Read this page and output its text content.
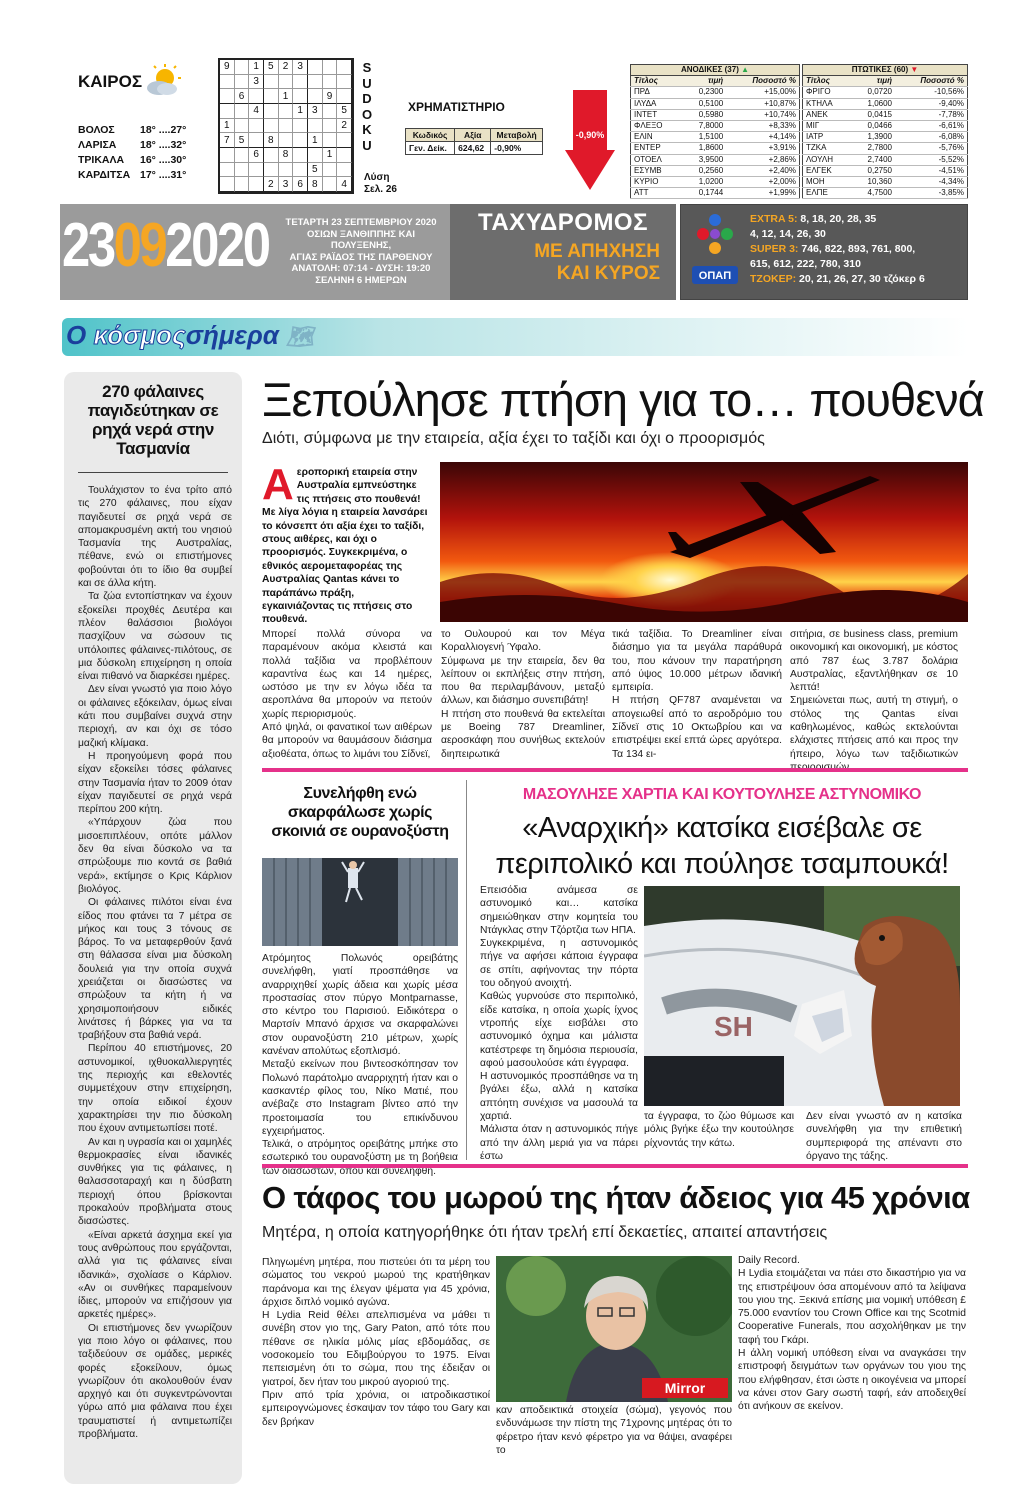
ΚΑΙΡΟΣ
ΒΟΛΟΣ	18° ....27°
ΛΑΡΙΣΑ	18° ....32°
ΤΡΙΚΑΛΑ	16° ....30°
ΚΑΡΔΙΤΣΑ 17° ....31°
9	1 5 2 3
3
6	1	9
4	1 3	5
1	2
7 5	8	1
6	8	1
5
2 3 6 8	4
S
U
D
O
K
U
Λύση
Σελ. 26
ΧΡΗΜΑΤΙΣΤΗΡΙΟ
Κωδικός	Αξία	Μεταβολή
Γεν. Δείκ.	624,62	-0,90%
-0,90%
ΑΝΟΔΙΚΕΣ (37) ▲		
Τίτλος	τιμή	Ποσοστό %
ΠΡΔ	0,2300	+15,00%
ΙΛΥΔΑ	0,5100	+10,87%
ΙΝΤΕΤ	0,5980	+10,74%
ΦΛΕΞΟ	7,8000	+8,33%
ΕΛΙΝ	1,5100	+4,14%
ΕΝΤΕΡ	1,8600	+3,91%
ΟΤΟΕΛ	3,9500	+2,86%
ΕΣΥΜΒ	0,2560	+2,40%
ΚΥΡΙΟ	1,0200	+2,00%
ΑΤΤ	0,1744	+1,99%
ΠΤΩΤΙΚΕΣ (60) ▼		
Τίτλος	τιμή	Ποσοστό %
ΦΡΙΓΟ	0,0720	-10,56%
ΚΤΗΛΑ	1,0600	-9,40%
ΑΝΕΚ	0,0415	-7,78%
ΜΙΓ	0,0466	-6,61%
ΙΑΤΡ	1,3900	-6,08%
ΤΖΚΑ	2,7800	-5,76%
ΛΟΥΛΗ	2,7400	-5,52%
ΕΛΓΕΚ	0,2750	-4,51%
ΜΟΗ	10,360	-4,34%
ΕΛΠΕ	4,7500	-3,85%
23092020	ΤΕΤΑΡΤΗ 23 ΣΕΠΤΕΜΒΡΙΟΥ 2020
ΟΣΙΩΝ ΞΑΝΘΙΠΠΗΣ ΚΑΙ ΠΟΛΥΞΕΝΗΣ,
ΑΓΙΑΣ ΡΑΪΔΟΣ ΤΗΣ ΠΑΡΘΕΝΟΥ
ΑΝΑΤΟΛΗ: 07:14 - ΔΥΣΗ: 19:20
ΣΕΛΗΝΗ 6 ΗΜΕΡΩΝ
ΤΑΧΥΔΡΟΜΟΣ
ΜΕ ΑΠΗΧΗΣΗ
ΚΑΙ ΚΥΡΟΣ	ΟΠΑΠ
EXTRA 5: 8, 18, 20, 28, 35
4, 12, 14, 26, 30
SUPER 3: 746, 822, 893, 761, 800,
615, 612, 222, 780, 310
ΤΖΟΚΕΡ: 20, 21, 26, 27, 30 τζόκερ 6
Ο κόσμοςσήμερα 🗺
270 φάλαινες παγιδεύτηκαν σε ρηχά νερά στην Τασμανία

Τουλάχιστον το ένα τρίτο από τις 270 φάλαινες, που είχαν παγιδευτεί σε ρηχά νερά σε απομακρυσμένη ακτή του νησιού Τασμανία της Αυστραλίας, πέθανε, ενώ οι επιστήμονες φοβούνται ότι το ίδιο θα συμβεί και σε άλλα κήτη.

Τα ζώα εντοπίστηκαν να έχουν εξοκείλει προχθές Δευτέρα και πλέον θαλάσσιοι βιολόγοι πασχίζουν να σώσουν τις υπόλοιπες φάλαινες-πιλότους, σε μια δύσκολη επιχείρηση η οποία είναι πιθανό να διαρκέσει ημέρες.

Δεν είναι γνωστό για ποιο λόγο οι φάλαινες εξόκειλαν, όμως είναι κάτι που συμβαίνει συχνά στην περιοχή, αν και όχι σε τόσο μαζική κλίμακα.

Η προηγούμενη φορά που είχαν εξοκείλει τόσες φάλαινες στην Τασμανία ήταν το 2009 όταν είχαν παγιδευτεί σε ρηχά νερά περίπου 200 κήτη.

«Υπάρχουν ζώα που μισοεπιπλέουν, οπότε μάλλον δεν θα είναι δύσκολο να τα σπρώξουμε πιο κοντά σε βαθιά νερά», εκτίμησε ο Κρις Κάρλιον βιολόγος.

Οι φάλαινες πιλότοι είναι ένα είδος που φτάνει τα 7 μέτρα σε μήκος και τους 3 τόνους σε βάρος. Το να μεταφερθούν ξανά στη θάλασσα είναι μια δύσκολη δουλειά για την οποία συχνά χρειάζεται οι διασώστες να σπρώξουν τα κήτη ή να χρησιμοποιήσουν ειδικές λινάτσες ή βάρκες για να τα τραβήξουν στα βαθιά νερά.

Περίπου 40 επιστήμονες, 20 αστυνομικοί, ιχθυοκαλλιεργητές της περιοχής και εθελοντές συμμετέχουν στην επιχείρηση, την οποία ειδικοί έχουν χαρακτηρίσει την πιο δύσκολη που έχουν αντιμετωπίσει ποτέ.

Αν και η υγρασία και οι χαμηλές θερμοκρασίες είναι ιδανικές συνθήκες για τις φάλαινες, η θαλασσοταραχή και η δύσβατη περιοχή όπου βρίσκονται προκαλούν προβλήματα στους διασώστες.

«Είναι αρκετά άσχημα εκεί για τους ανθρώπους που εργάζονται, αλλά για τις φάλαινες είναι ιδανικά», σχολίασε ο Κάρλιον. «Αν οι συνθήκες παραμείνουν ίδιες, μπορούν να επιζήσουν για αρκετές ημέρες».

Οι επιστήμονες δεν γνωρίζουν για ποιο λόγο οι φάλαινες, που ταξιδεύουν σε ομάδες, μερικές φορές εξοκείλουν, όμως γνωρίζουν ότι ακολουθούν έναν αρχηγό και ότι συγκεντρώνονται γύρω από μια φάλαινα που έχει τραυματιστεί ή αντιμετωπίζει προβλήματα.

Ξεπούλησε πτήση για το… πουθενά
Διότι, σύμφωνα με την εταιρεία, αξία έχει το ταξίδι και όχι ο προορισμός
Αεροπορική εταιρεία στην Αυστραλία εμπνεύστηκε τις πτήσεις στο πουθενά! Με λίγα λόγια η εταιρεία λανσάρει το κόνσεπτ ότι αξία έχει το ταξίδι, στους αιθέρες, και όχι ο προορισμός. Συγκεκριμένα, ο εθνικός αερομεταφορέας της Αυστραλίας Qantas κάνει το παράπάνω πράξη, εγκαινιάζοντας τις πτήσεις στο πουθενά.
Μπορεί πολλά σύνορα να παραμένουν ακόμα κλειστά και πολλά ταξίδια να προβλέπουν καραντίνα έως και 14 ημέρες, ωστόσο με την εν λόγω ιδέα τα αεροπλάνα θα μπορούν να πετούν χωρίς περιορισμούς.
Από ψηλά, οι φανατικοί των αιθέρων θα μπορούν να θαυμάσουν διάσημα αξιοθέατα, όπως το λιμάνι του Σίδνεϊ,
το Ουλουρού και τον Μέγα Κοραλλιογενή Ύφαλο.
Σύμφωνα με την εταιρεία, δεν θα λείπουν οι εκπλήξεις στην πτήση, που θα περιλαμβάνουν, μεταξύ άλλων, και διάσημο συνεπιβάτη!
Η πτήση στο πουθενά θα εκτελείται με Boeing 787 Dreamliner, αεροσκάφη που συνήθως εκτελούν διηπειρωτικά
τικά ταξίδια. Το Dreamliner είναι διάσημο για τα μεγάλα παράθυρά του, που κάνουν την παρατήρηση από ύψος 10.000 μέτρων ιδανική εμπειρία.
Η πτήση QF787 αναμένεται να απογειωθεί από το αεροδρόμιο του Σίδνεϊ στις 10 Οκτωβρίου και να επιστρέψει εκεί επτά ώρες αργότερα. Τα 134 ει-
σιτήρια, σε business class, premium οικονομική και οικονομική, με κόστος από 787 έως 3.787 δολάρια Αυστραλίας, εξαντλήθηκαν σε 10 λεπτά!
Σημειώνεται πως, αυτή τη στιγμή, ο στόλος της Qantas είναι καθηλωμένος, καθώς εκτελούνται ελάχιστες πτήσεις από και προς την ήπειρο, λόγω των ταξιδιωτικών περιορισμών.
Συνελήφθη ενώ σκαρφάλωσε χωρίς σκοινιά σε ουρανοξύστη
Ατρόμητος Πολωνός ορειβάτης συνελήφθη, γιατί προσπάθησε να αναρριχηθεί χωρίς άδεια και χωρίς μέσα προστασίας στον πύργο Montparnasse, στο κέντρο του Παρισιού. Ειδικότερα ο Μαρτσίν Μπανό άρχισε να σκαρφαλώνει στον ουρανοξύστη 210 μέτρων, χωρίς κανέναν απολύτως εξοπλισμό.
Μεταξύ εκείνων που βιντεοσκόπησαν τον Πολωνό παράτολμο αναρριχητή ήταν και ο κασκαντέρ φίλος του, Νίκο Ματιέ, που ανέβαζε στο Instagram βίντεο από την προετοιμασία του επικίνδυνου εγχειρήματος.
Τελικά, ο ατρόμητος ορειβάτης μπήκε στο εσωτερικό του ουρανοξύστη με τη βοήθεια των διασωστών, όπου και συνελήφθη.
ΜΑΣΟΥΛΗΣΕ ΧΑΡΤΙΑ ΚΑΙ ΚΟΥΤΟΥΛΗΣΕ ΑΣΤΥΝΟΜΙΚΟ
«Αναρχική» κατσίκα εισέβαλε σε περιπολικό και πούλησε τσαμπουκά!
Επεισόδια ανάμεσα σε αστυνομικό και… κατσίκα σημειώθηκαν στην κομητεία του Ντάγκλας στην Τζόρτζια των ΗΠΑ.
Συγκεκριμένα, η αστυνομικός πήγε να αφήσει κάποια έγγραφα σε σπίτι, αφήνοντας την πόρτα του οδηγού ανοιχτή.
Καθώς γυρνούσε στο περιπολικό, είδε κατσίκα, η οποία χωρίς ίχνος ντροπής είχε εισβάλει στο αστυνομικό όχημα και μάλιστα κατέστρεφε τη δημόσια περιουσία, αφού μασουλούσε κάτι έγγραφα.
Η αστυνομικός προσπάθησε να τη βγάλει έξω, αλλά η κατσίκα απτόητη συνέχισε να μασουλά τα χαρτιά.
Μάλιστα όταν η αστυνομικός πήγε από την άλλη μεριά για να πάρει έστω
SH
τα έγγραφα, το ζώο θύμωσε και μόλις βγήκε έξω την κουτούλησε ρίχνοντάς την κάτω.
Δεν είναι γνωστό αν η κατσίκα συνελήφθη για την επιθετική συμπεριφορά της απέναντι στο όργανο της τάξης.
Ο τάφος του μωρού της ήταν άδειος για 45 χρόνια
Μητέρα, η οποία κατηγορήθηκε ότι ήταν τρελή επί δεκαετίες, απαιτεί απαντήσεις
Πληγωμένη μητέρα, που πιστεύει ότι τα μέρη του σώματος του νεκρού μωρού της κρατήθηκαν παράνομα και της έλεγαν ψέματα για 45 χρόνια, άρχισε διπλό νομικό αγώνα.
Η Lydia Reid θέλει απελπισμένα να μάθει τι συνέβη στον γιο της, Gary Paton, από τότε που πέθανε σε ηλικία μόλις μίας εβδομάδας, σε νοσοκομείο του Εδιμβούργου το 1975. Είναι πεπεισμένη ότι το σώμα, που της έδειξαν οι γιατροί, δεν ήταν του μικρού αγοριού της.
Πριν από τρία χρόνια, οι ιατροδικαστικοί εμπειρογνώμονες έσκαψαν τον τάφο του Gary και δεν βρήκαν
Mirror
καν αποδεικτικά στοιχεία (σώμα), γεγονός που ενδυνάμωσε την πίστη της 71χρονης μητέρας ότι το φέρετρο ήταν κενό φέρετρο για να θάψει, αναφέρει το
Daily Record.
Η Lydia ετοιμάζεται να πάει στο δικαστήριο για να της επιστρέψουν όσα απομένουν από τα λείψανα του γιου της. Ξεκινά επίσης μια νομική υπόθεση £ 75.000 εναντίον του Crown Office και της Scotmid Cooperative Funerals, που ασχολήθηκαν με την ταφή του Γκάρι.
Η άλλη νομική υπόθεση είναι να αναγκάσει την επιστροφή δειγμάτων των οργάνων του γιου της που ελήφθησαν, έτσι ώστε η οικογένεια να μπορεί να κάνει στον Gary σωστή ταφή, εάν αποδειχθεί ότι ανήκουν σε εκείνον.
